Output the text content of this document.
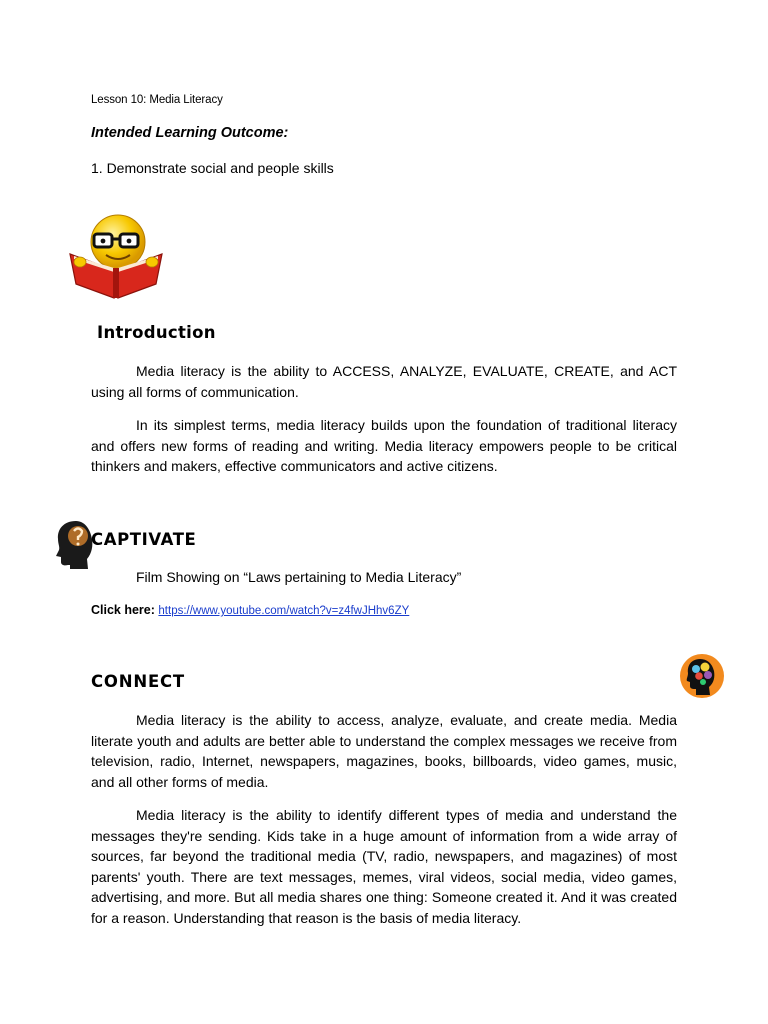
Lesson 10: Media Literacy
Intended Learning Outcome:
1. Demonstrate social and people skills
Introduction

Media literacy is the ability to ACCESS, ANALYZE, EVALUATE, CREATE, and ACT using all forms of communication.

In its simplest terms, media literacy builds upon the foundation of traditional literacy and offers new forms of reading and writing. Media literacy empowers people to be critical thinkers and makers, effective communicators and active citizens.

CAPTIVATE
Film Showing on “Laws pertaining to Media Literacy”
Click here: https://www.youtube.com/watch?v=z4fwJHhv6ZY
CONNECT

Media literacy is the ability to access, analyze, evaluate, and create media. Media literate youth and adults are better able to understand the complex messages we receive from television, radio, Internet, newspapers, magazines, books, billboards, video games, music, and all other forms of media.

Media literacy is the ability to identify different types of media and understand the messages they're sending. Kids take in a huge amount of information from a wide array of sources, far beyond the traditional media (TV, radio, newspapers, and magazines) of most parents' youth. There are text messages, memes, viral videos, social media, video games, advertising, and more. But all media shares one thing: Someone created it. And it was created for a reason. Understanding that reason is the basis of media literacy.
